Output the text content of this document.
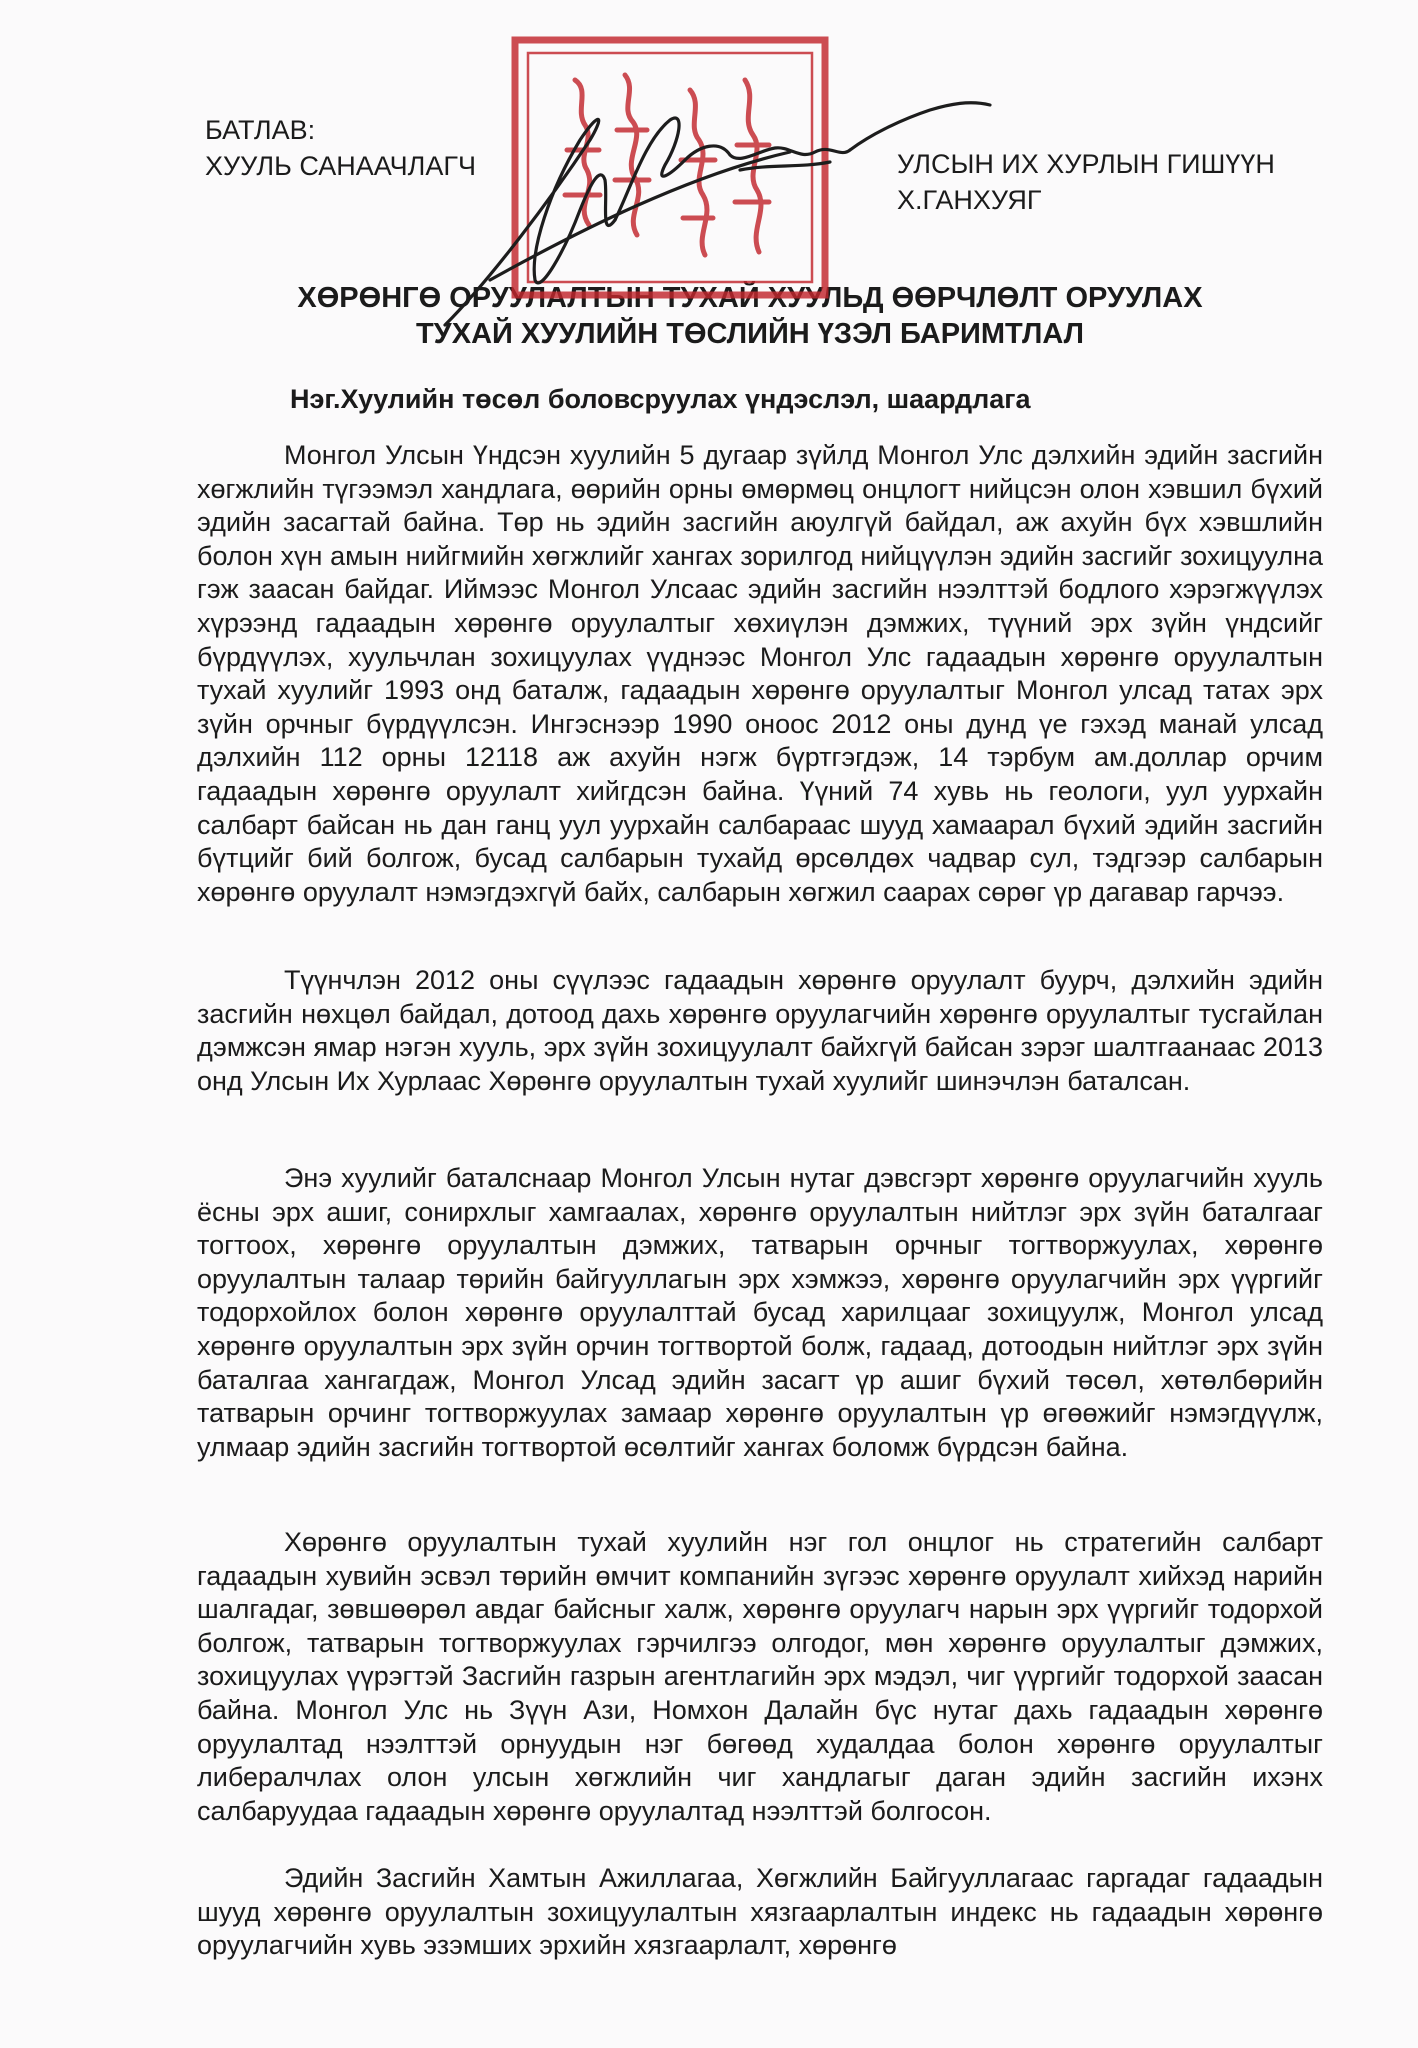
БАТЛАВ:
ХУУЛЬ САНААЧЛАГЧ	УЛСЫН ИХ ХУРЛЫН ГИШҮҮН
Х.ГАНХУЯГ
ХӨРӨНГӨ ОРУУЛАЛТЫН ТУХАЙ ХУУЛЬД ӨӨРЧЛӨЛТ ОРУУЛАХ
ТУХАЙ ХУУЛИЙН ТӨСЛИЙН ҮЗЭЛ БАРИМТЛАЛ
Нэг.Хуулийн төсөл боловсруулах үндэслэл, шаардлага

Монгол Улсын Үндсэн хуулийн 5 дугаар зүйлд Монгол Улс дэлхийн эдийн засгийн хөгжлийн түгээмэл хандлага, өөрийн орны өмөрмөц онцлогт нийцсэн олон хэвшил бүхий эдийн засагтай байна. Төр нь эдийн засгийн аюулгүй байдал, аж ахуйн бүх хэвшлийн болон хүн амын нийгмийн хөгжлийг хангах зорилгод нийцүүлэн эдийн засгийг зохицуулна гэж заасан байдаг. Иймээс Монгол Улсаас эдийн засгийн нээлттэй бодлого хэрэгжүүлэх хүрээнд гадаадын хөрөнгө оруулалтыг хөхиүлэн дэмжих, түүний эрх зүйн үндсийг бүрдүүлэх, хуульчлан зохицуулах үүднээс Монгол Улс гадаадын хөрөнгө оруулалтын тухай хуулийг 1993 онд баталж, гадаадын хөрөнгө оруулалтыг Монгол улсад татах эрх зүйн орчныг бүрдүүлсэн. Ингэснээр 1990 оноос 2012 оны дунд үе гэхэд манай улсад дэлхийн 112 орны 12118 аж ахуйн нэгж бүртгэгдэж, 14 тэрбум ам.доллар орчим гадаадын хөрөнгө оруулалт хийгдсэн байна. Үүний 74 хувь нь геологи, уул уурхайн салбарт байсан нь дан ганц уул уурхайн салбараас шууд хамаарал бүхий эдийн засгийн бүтцийг бий болгож, бусад салбарын тухайд өрсөлдөх чадвар сул, тэдгээр салбарын хөрөнгө оруулалт нэмэгдэхгүй байх, салбарын хөгжил саарах сөрөг үр дагавар гарчээ.

Түүнчлэн 2012 оны сүүлээс гадаадын хөрөнгө оруулалт буурч, дэлхийн эдийн засгийн нөхцөл байдал, дотоод дахь хөрөнгө оруулагчийн хөрөнгө оруулалтыг тусгайлан дэмжсэн ямар нэгэн хууль, эрх зүйн зохицуулалт байхгүй байсан зэрэг шалтгаанаас 2013 онд Улсын Их Хурлаас Хөрөнгө оруулалтын тухай хуулийг шинэчлэн баталсан.

Энэ хуулийг баталснаар Монгол Улсын нутаг дэвсгэрт хөрөнгө оруулагчийн хууль ёсны эрх ашиг, сонирхлыг хамгаалах, хөрөнгө оруулалтын нийтлэг эрх зүйн баталгааг тогтоох, хөрөнгө оруулалтын дэмжих, татварын орчныг тогтворжуулах, хөрөнгө оруулалтын талаар төрийн байгууллагын эрх хэмжээ, хөрөнгө оруулагчийн эрх үүргийг тодорхойлох болон хөрөнгө оруулалттай бусад харилцааг зохицуулж, Монгол улсад хөрөнгө оруулалтын эрх зүйн орчин тогтвортой болж, гадаад, дотоодын нийтлэг эрх зүйн баталгаа хангагдаж, Монгол Улсад эдийн засагт үр ашиг бүхий төсөл, хөтөлбөрийн татварын орчинг тогтворжуулах замаар хөрөнгө оруулалтын үр өгөөжийг нэмэгдүүлж, улмаар эдийн засгийн тогтвортой өсөлтийг хангах боломж бүрдсэн байна.

Хөрөнгө оруулалтын тухай хуулийн нэг гол онцлог нь стратегийн салбарт гадаадын хувийн эсвэл төрийн өмчит компанийн зүгээс хөрөнгө оруулалт хийхэд нарийн шалгадаг, зөвшөөрөл авдаг байсныг халж, хөрөнгө оруулагч нарын эрх үүргийг тодорхой болгож, татварын тогтворжуулах гэрчилгээ олгодог, мөн хөрөнгө оруулалтыг дэмжих, зохицуулах үүрэгтэй Засгийн газрын агентлагийн эрх мэдэл, чиг үүргийг тодорхой заасан байна. Монгол Улс нь Зүүн Ази, Номхон Далайн бүс нутаг дахь гадаадын хөрөнгө оруулалтад нээлттэй орнуудын нэг бөгөөд худалдаа болон хөрөнгө оруулалтыг либералчлах олон улсын хөгжлийн чиг хандлагыг даган эдийн засгийн ихэнх салбаруудаа гадаадын хөрөнгө оруулалтад нээлттэй болгосон.

Эдийн Засгийн Хамтын Ажиллагаа, Хөгжлийн Байгууллагаас гаргадаг гадаадын шууд хөрөнгө оруулалтын зохицуулалтын хязгаарлалтын индекс нь гадаадын хөрөнгө оруулагчийн хувь эзэмших эрхийн хязгаарлалт, хөрөнгө
